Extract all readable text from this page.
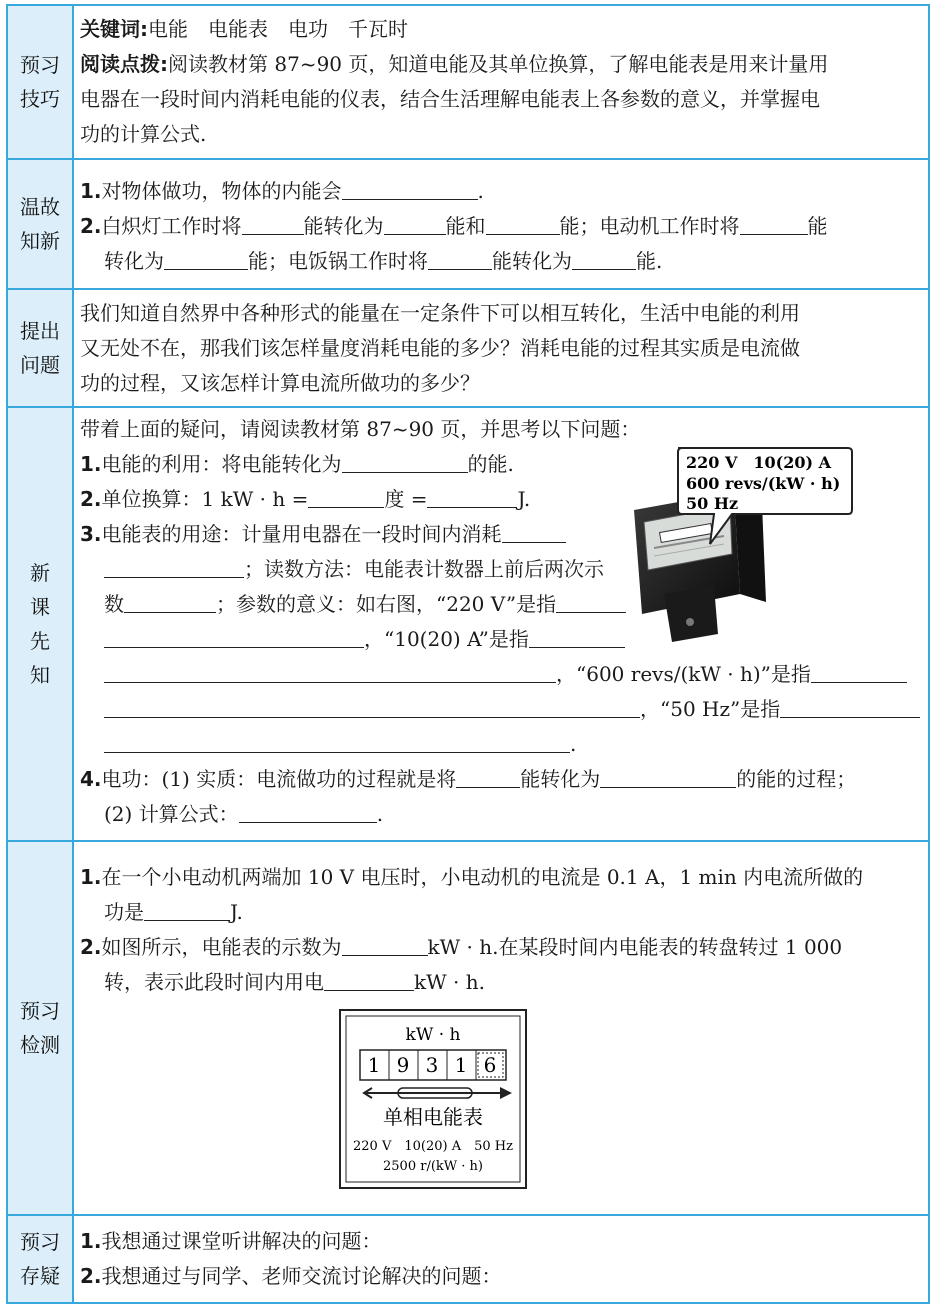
预习
技巧
关键词:电能　电能表　电功　千瓦时
阅读点拨:阅读教材第 87~90 页，知道电能及其单位换算，了解电能表是用来计量用
电器在一段时间内消耗电能的仪表，结合生活理解电能表上各参数的意义，并掌握电
功的计算公式.
温故
知新
1.对物体做功，物体的内能会	.
2.白炽灯工作时将	能转化为	能和	能；电动机工作时将	能
转化为	能；电饭锅工作时将	能转化为	能.
提出
问题
我们知道自然界中各种形式的能量在一定条件下可以相互转化，生活中电能的利用
又无处不在，那我们该怎样量度消耗电能的多少？消耗电能的过程其实质是电流做
功的过程，又该怎样计算电流所做功的多少？
新
课
先
知
带着上面的疑问，请阅读教材第 87~90 页，并思考以下问题：
1.电能的利用：将电能转化为	的能.
2.单位换算：1 kW · h =	度 =	J.
3.电能表的用途：计量用电器在一段时间内消耗
；读数方法：电能表计数器上前后两次示
数	；参数的意义：如右图，“220 V”是指
，“10(20) A”是指
，“600 revs/(kW · h)”是指
，“50 Hz”是指
.
4.电功：(1) 实质：电流做功的过程就是将	能转化为	的能的过程；
(2) 计算公式：	.
220 V　10(20) A
600 revs/(kW · h)
50 Hz
预习
检测
1.在一个小电动机两端加 10 V 电压时，小电动机的电流是 0.1 A，1 min 内电流所做的
功是	J.
2.如图所示，电能表的示数为	kW · h.在某段时间内电能表的转盘转过 1 000
转，表示此段时间内用电	kW · h.
kW · h
1 9 3 1 6
单相电能表
220 V　10(20) A　50 Hz
2500 r/(kW · h)
预习
存疑
1.我想通过课堂听讲解决的问题：
2.我想通过与同学、老师交流讨论解决的问题：
